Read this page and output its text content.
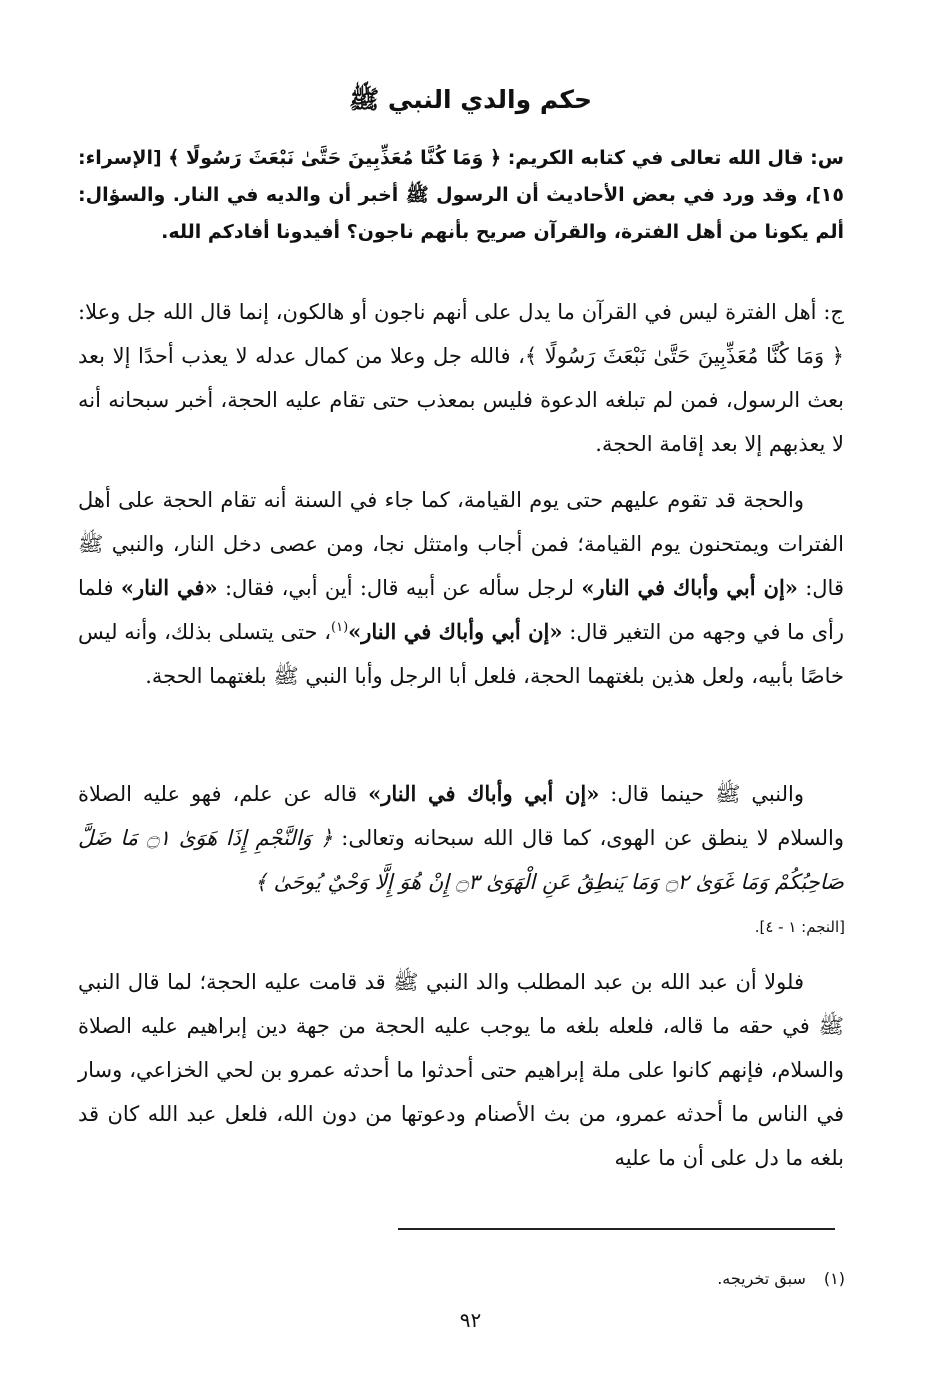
حكم والدي النبي ﷺ
س: قال الله تعالى في كتابه الكريم: ﴿ وَمَا كُنَّا مُعَذِّبِينَ حَتَّىٰ نَبْعَثَ رَسُولًا ﴾ [الإسراء: ١٥]، وقد ورد في بعض الأحاديث أن الرسول ﷺ أخبر أن والديه في النار. والسؤال: ألم يكونا من أهل الفترة، والقرآن صريح بأنهم ناجون؟ أفيدونا أفادكم الله.
ج: أهل الفترة ليس في القرآن ما يدل على أنهم ناجون أو هالكون، إنما قال الله جل وعلا: ﴿ وَمَا كُنَّا مُعَذِّبِينَ حَتَّىٰ نَبْعَثَ رَسُولًا ﴾، فالله جل وعلا من كمال عدله لا يعذب أحدًا إلا بعد بعث الرسول، فمن لم تبلغه الدعوة فليس بمعذب حتى تقام عليه الحجة، أخبر سبحانه أنه لا يعذبهم إلا بعد إقامة الحجة.
والحجة قد تقوم عليهم حتى يوم القيامة، كما جاء في السنة أنه تقام الحجة على أهل الفترات ويمتحنون يوم القيامة؛ فمن أجاب وامتثل نجا، ومن عصى دخل النار، والنبي ﷺ قال: «إن أبي وأباك في النار» لرجل سأله عن أبيه قال: أين أبي، فقال: «في النار» فلما رأى ما في وجهه من التغير قال: «إن أبي وأباك في النار»$^{(١)}$، حتى يتسلى بذلك، وأنه ليس خاصًا بأبيه، ولعل هذين بلغتهما الحجة، فلعل أبا الرجل وأبا النبي ﷺ بلغتهما الحجة.
والنبي ﷺ حينما قال: «إن أبي وأباك في النار» قاله عن علم، فهو عليه الصلاة والسلام لا ينطق عن الهوى، كما قال الله سبحانه وتعالى: ﴿ وَالنَّجْمِ إِذَا هَوَىٰ ۝١ مَا ضَلَّ صَاحِبُكُمْ وَمَا غَوَىٰ ۝٢ وَمَا يَنطِقُ عَنِ الْهَوَىٰ ۝٣ إِنْ هُوَ إِلَّا وَحْيٌ يُوحَىٰ ﴾
[النجم: ١ - ٤].
فلولا أن عبد الله بن عبد المطلب والد النبي ﷺ قد قامت عليه الحجة؛ لما قال النبي ﷺ في حقه ما قاله، فلعله بلغه ما يوجب عليه الحجة من جهة دين إبراهيم عليه الصلاة والسلام، فإنهم كانوا على ملة إبراهيم حتى أحدثوا ما أحدثه عمرو بن لحي الخزاعي، وسار في الناس ما أحدثه عمرو، من بث الأصنام ودعوتها من دون الله، فلعل عبد الله كان قد بلغه ما دل على أن ما عليه
(١)سبق تخريجه.
٩٢
